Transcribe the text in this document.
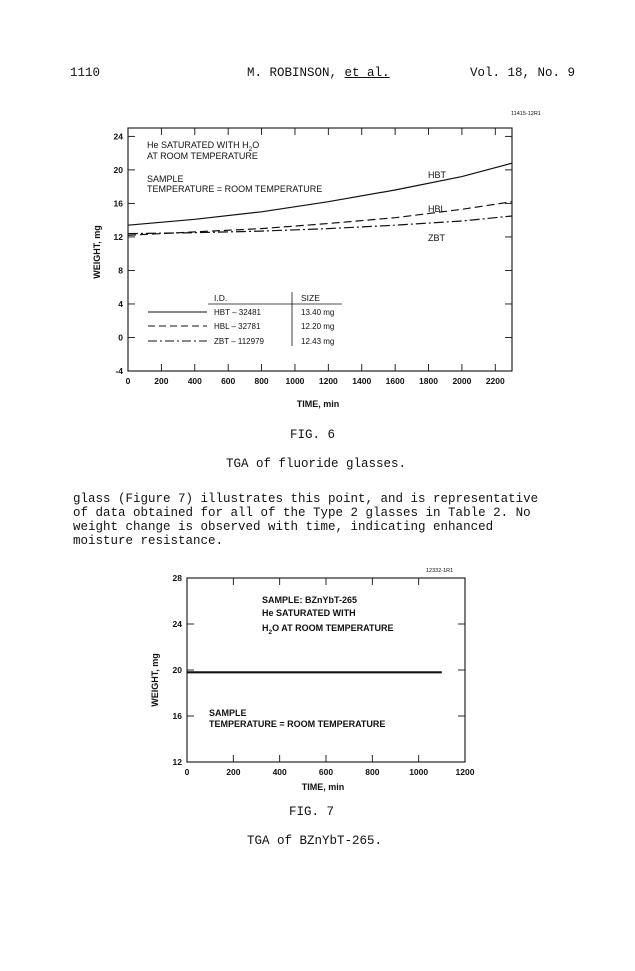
1110	M. ROBINSON, et al.	Vol. 18, No. 9
11415-12R1
-4
0
4
8
12
16
20
24
0	200 400 600 800 1000 1200 1400 1600 1800 2000 2200
He SATURATED WITH $H_2O$
AT ROOM TEMPERATURE
SAMPLE
TEMPERATURE = ROOM TEMPERATURE
HBT
HBL
ZBT
I.D.	SIZE
HBT – 32481	13.40 mg
HBL – 32781	12.20 mg
ZBT – 112979	12.43 mg
TIME, min
WEIGHT, mg
FIG. 6
TGA of fluoride glasses.
glass (Figure 7) illustrates this point, and is representative
of data obtained for all of the Type 2 glasses in Table 2. No
weight change is observed with time, indicating enhanced
moisture resistance.
12332-1R1
12
16
20
24
28
0	200	400	600	800	1000	1200
SAMPLE: BZnYbT-265
He SATURATED WITH
$H_2O$ AT ROOM TEMPERATURE
SAMPLE
TEMPERATURE = ROOM TEMPERATURE
TIME, min
WEIGHT, mg
FIG. 7
TGA of BZnYbT-265.
